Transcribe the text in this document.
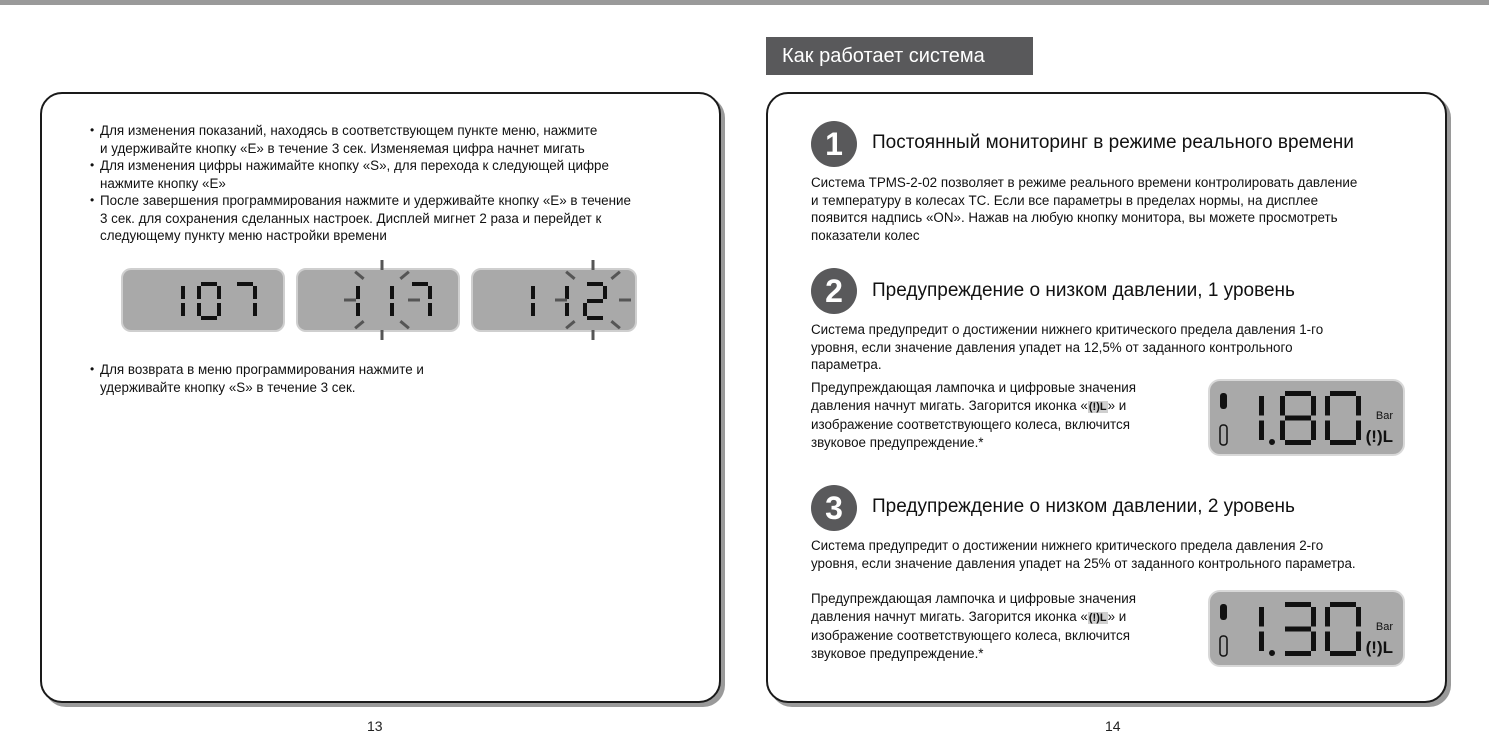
• Для изменения показаний, находясь в соответствующем пункте меню, нажмите
и удерживайте кнопку «E» в течение 3 сек. Изменяемая цифра начнет мигать
• Для изменения цифры нажимайте кнопку «S», для перехода к следующей цифре
нажмите кнопку «E»
• После завершения программирования нажмите и удерживайте кнопку «E» в течение
3 сек. для сохранения сделанных настроек. Дисплей мигнет 2 раза и перейдет к
следующему пункту меню настройки времени
• Для возврата в меню программирования нажмите и
удерживайте кнопку «S» в течение 3 сек.
13
Как работает система
1	Постоянный мониторинг в режиме реального времени
Система TPMS-2-02 позволяет в режиме реального времени контролировать давление
и температуру в колесах ТС. Если все параметры в пределах нормы, на дисплее
появится надпись «ON». Нажав на любую кнопку монитора, вы можете просмотреть
показатели колес
2	Предупреждение о низком давлении, 1 уровень
Система предупредит о достижении нижнего критического предела давления 1-го
уровня, если значение давления упадет на 12,5% от заданного контрольного
параметра.
Предупреждающая лампочка и цифровые значения
давления начнут мигать. Загорится иконка «(!)L» и
изображение соответствующего колеса, включится
звуковое предупреждение.*
Bar
(!)L
3	Предупреждение о низком давлении, 2 уровень
Система предупредит о достижении нижнего критического предела давления 2-го
уровня, если значение давления упадет на 25% от заданного контрольного параметра.
Предупреждающая лампочка и цифровые значения
давления начнут мигать. Загорится иконка «(!)L» и
изображение соответствующего колеса, включится
звуковое предупреждение.*
Bar
(!)L
14
